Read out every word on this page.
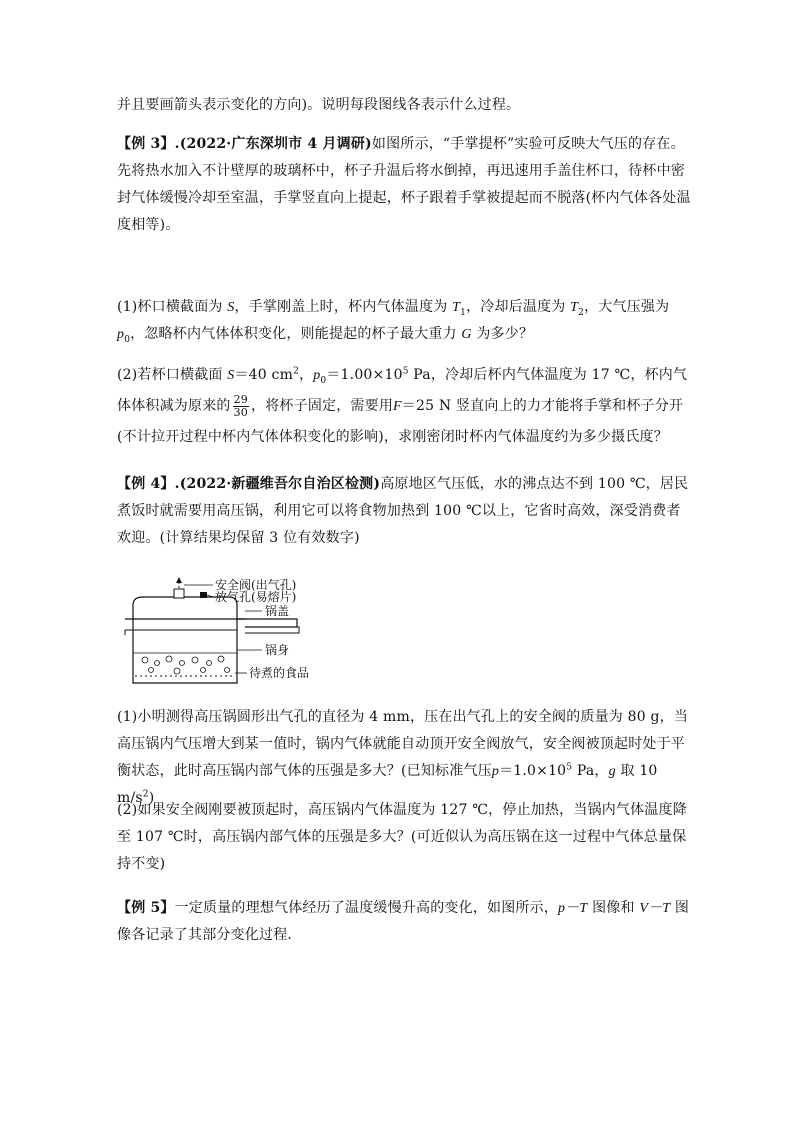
并且要画箭头表示变化的方向)。说明每段图线各表示什么过程。
【例 3】.(2022·广东深圳市 4 月调研)如图所示，“手掌提杯”实验可反映大气压的存在。先将热水加入不计壁厚的玻璃杯中，杯子升温后将水倒掉，再迅速用手盖住杯口，待杯中密封气体缓慢冷却至室温，手掌竖直向上提起，杯子跟着手掌被提起而不脱落(杯内气体各处温度相等)。
(1)杯口横截面为 S，手掌刚盖上时，杯内气体温度为 $T_1$，冷却后温度为 $T_2$，大气压强为 $p_0$，忽略杯内气体体积变化，则能提起的杯子最大重力 G 为多少？
(2)若杯口横截面 S＝40 $cm^2$，$p_0=1.00\times 10^5$ Pa，冷却后杯内气体温度为 17 ℃，杯内气体体积减为原来的 $\frac{29}{30}$ ，将杯子固定，需要用F＝25 N 竖直向上的力才能将手掌和杯子分开(不计拉开过程中杯内气体体积变化的影响)，求刚密闭时杯内气体温度约为多少摄氏度？
【例 4】.(2022·新疆维吾尔自治区检测)高原地区气压低，水的沸点达不到 100 ℃，居民煮饭时就需要用高压锅，利用它可以将食物加热到 100 ℃以上，它省时高效，深受消费者欢迎。(计算结果均保留 3 位有效数字)
安全阀(出气孔)
放气孔(易熔片)
锅盖
锅身
待煮的食品
(1)小明测得高压锅圆形出气孔的直径为 4 mm，压在出气孔上的安全阀的质量为 80 g，当高压锅内气压增大到某一值时，锅内气体就能自动顶开安全阀放气，安全阀被顶起时处于平衡状态，此时高压锅内部气体的压强是多大？(已知标准气压$p=1.0\times 10^5$ Pa，g 取 10 $m/s^2$)
(2)如果安全阀刚要被顶起时，高压锅内气体温度为 127 ℃，停止加热，当锅内气体温度降至 107 ℃时，高压锅内部气体的压强是多大？(可近似认为高压锅在这一过程中气体总量保持不变)
【例 5】一定质量的理想气体经历了温度缓慢升高的变化，如图所示，p－T 图像和 V－T 图像各记录了其部分变化过程．
